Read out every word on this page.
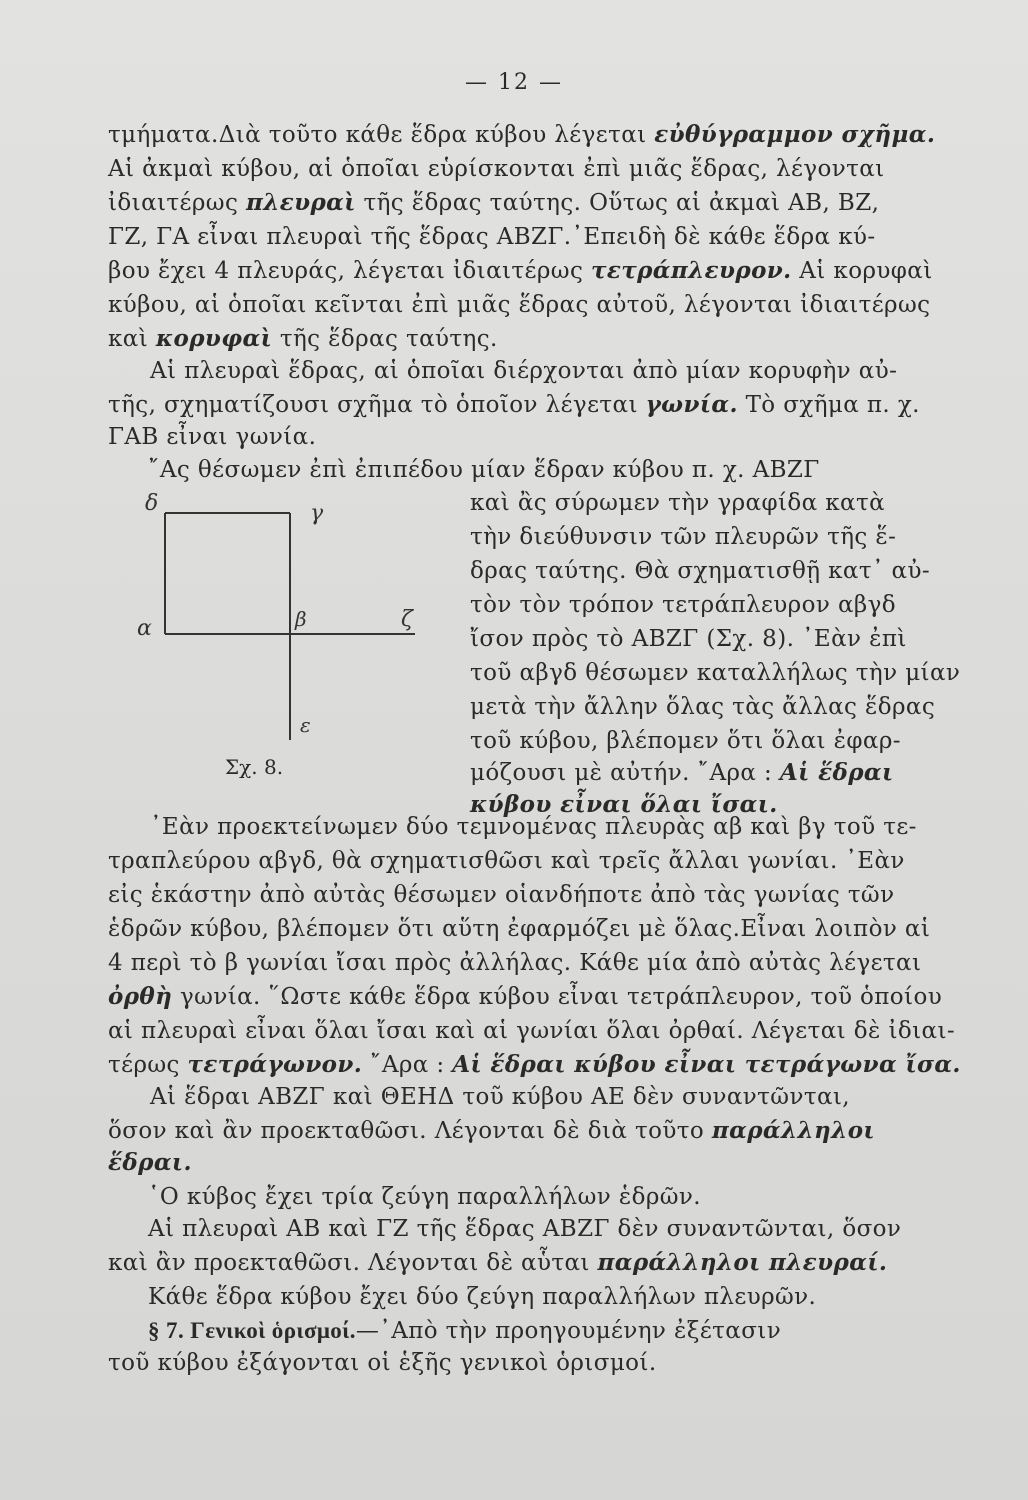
— 12 —
τμήματα.Διὰ τοῦτο κάθε ἕδρα κύβου λέγεται εὐθύγραμμον σχῆμα.
Αἱ ἀκμαὶ κύβου, αἱ ὁποῖαι εὑρίσκονται ἐπὶ μιᾶς ἕδρας, λέγονται
ἰδιαιτέρως πλευραὶ τῆς ἕδρας ταύτης. Οὕτως αἱ ἀκμαὶ ΑΒ, ΒΖ,
ΓΖ, ΓΑ εἶναι πλευραὶ τῆς ἕδρας ΑΒΖΓ.᾿Επειδὴ δὲ κάθε ἕδρα κύ-
βου ἔχει 4 πλευράς, λέγεται ἰδιαιτέρως τετράπλευρον. Αἱ κορυφαὶ
κύβου, αἱ ὁποῖαι κεῖνται ἐπὶ μιᾶς ἕδρας αὐτοῦ, λέγονται ἰδιαιτέρως
καὶ κορυφαὶ τῆς ἕδρας ταύτης.
Αἱ πλευραὶ ἕδρας, αἱ ὁποῖαι διέρχονται ἀπὸ μίαν κορυφὴν αὐ-
τῆς, σχηματίζουσι σχῆμα τὸ ὁποῖον λέγεται γωνία. Τὸ σχῆμα π. χ.
ΓΑΒ εἶναι γωνία.
῎Ας θέσωμεν ἐπὶ ἐπιπέδου μίαν ἕδραν κύβου π. χ. ΑΒΖΓ
καὶ ἂς σύρωμεν τὴν γραφίδα κατὰ
τὴν διεύθυνσιν τῶν πλευρῶν τῆς ἕ-
δρας ταύτης. Θὰ σχηματισθῇ κατ᾿ αὐ-
τὸν τὸν τρόπον τετράπλευρον αβγδ
ἴσον πρὸς τὸ ΑΒΖΓ (Σχ. 8). ᾿Εὰν ἐπὶ
τοῦ αβγδ θέσωμεν καταλλήλως τὴν μίαν
μετὰ τὴν ἄλλην ὅλας τὰς ἄλλας ἕδρας
τοῦ κύβου, βλέπομεν ὅτι ὅλαι ἐφαρ-
μόζουσι μὲ αὐτήν. ῎Αρα : Αἱ ἕδραι
κύβου εἶναι ὅλαι ἴσαι.
δ	γ
α	β	ζ
ε
Σχ. 8.
᾿Εὰν προεκτείνωμεν δύο τεμνομένας πλευρὰς αβ καὶ βγ τοῦ τε-
τραπλεύρου αβγδ, θὰ σχηματισθῶσι καὶ τρεῖς ἄλλαι γωνίαι. ᾿Εὰν
εἰς ἑκάστην ἀπὸ αὐτὰς θέσωμεν οἱανδήποτε ἀπὸ τὰς γωνίας τῶν
ἑδρῶν κύβου, βλέπομεν ὅτι αὕτη ἐφαρμόζει μὲ ὅλας.Εἶναι λοιπὸν αἱ
4 περὶ τὸ β γωνίαι ἴσαι πρὸς ἀλλήλας. Κάθε μία ἀπὸ αὐτὰς λέγεται
ὀρθὴ γωνία. ῞Ωστε κάθε ἕδρα κύβου εἶναι τετράπλευρον, τοῦ ὁποίου
αἱ πλευραὶ εἶναι ὅλαι ἴσαι καὶ αἱ γωνίαι ὅλαι ὀρθαί. Λέγεται δὲ ἰδιαι-
τέρως τετράγωνον. ῎Αρα : Αἱ ἕδραι κύβου εἶναι τετράγωνα ἴσα.
Αἱ ἕδραι ΑΒΖΓ καὶ ΘΕΗΔ τοῦ κύβου ΑΕ δὲν συναντῶνται,
ὅσον καὶ ἂν προεκταθῶσι. Λέγονται δὲ διὰ τοῦτο παράλληλοι
ἕδραι.
῾Ο κύβος ἔχει τρία ζεύγη παραλλήλων ἑδρῶν.
Αἱ πλευραὶ ΑΒ καὶ ΓΖ τῆς ἕδρας ΑΒΖΓ δὲν συναντῶνται, ὅσον
καὶ ἂν προεκταθῶσι. Λέγονται δὲ αὗται παράλληλοι πλευραί.
Κάθε ἕδρα κύβου ἔχει δύο ζεύγη παραλλήλων πλευρῶν.
§ 7. Γενικοὶ ὁρισμοί.—᾿Απὸ τὴν προηγουμένην ἐξέτασιν
τοῦ κύβου ἐξάγονται οἱ ἑξῆς γενικοὶ ὁρισμοί.
